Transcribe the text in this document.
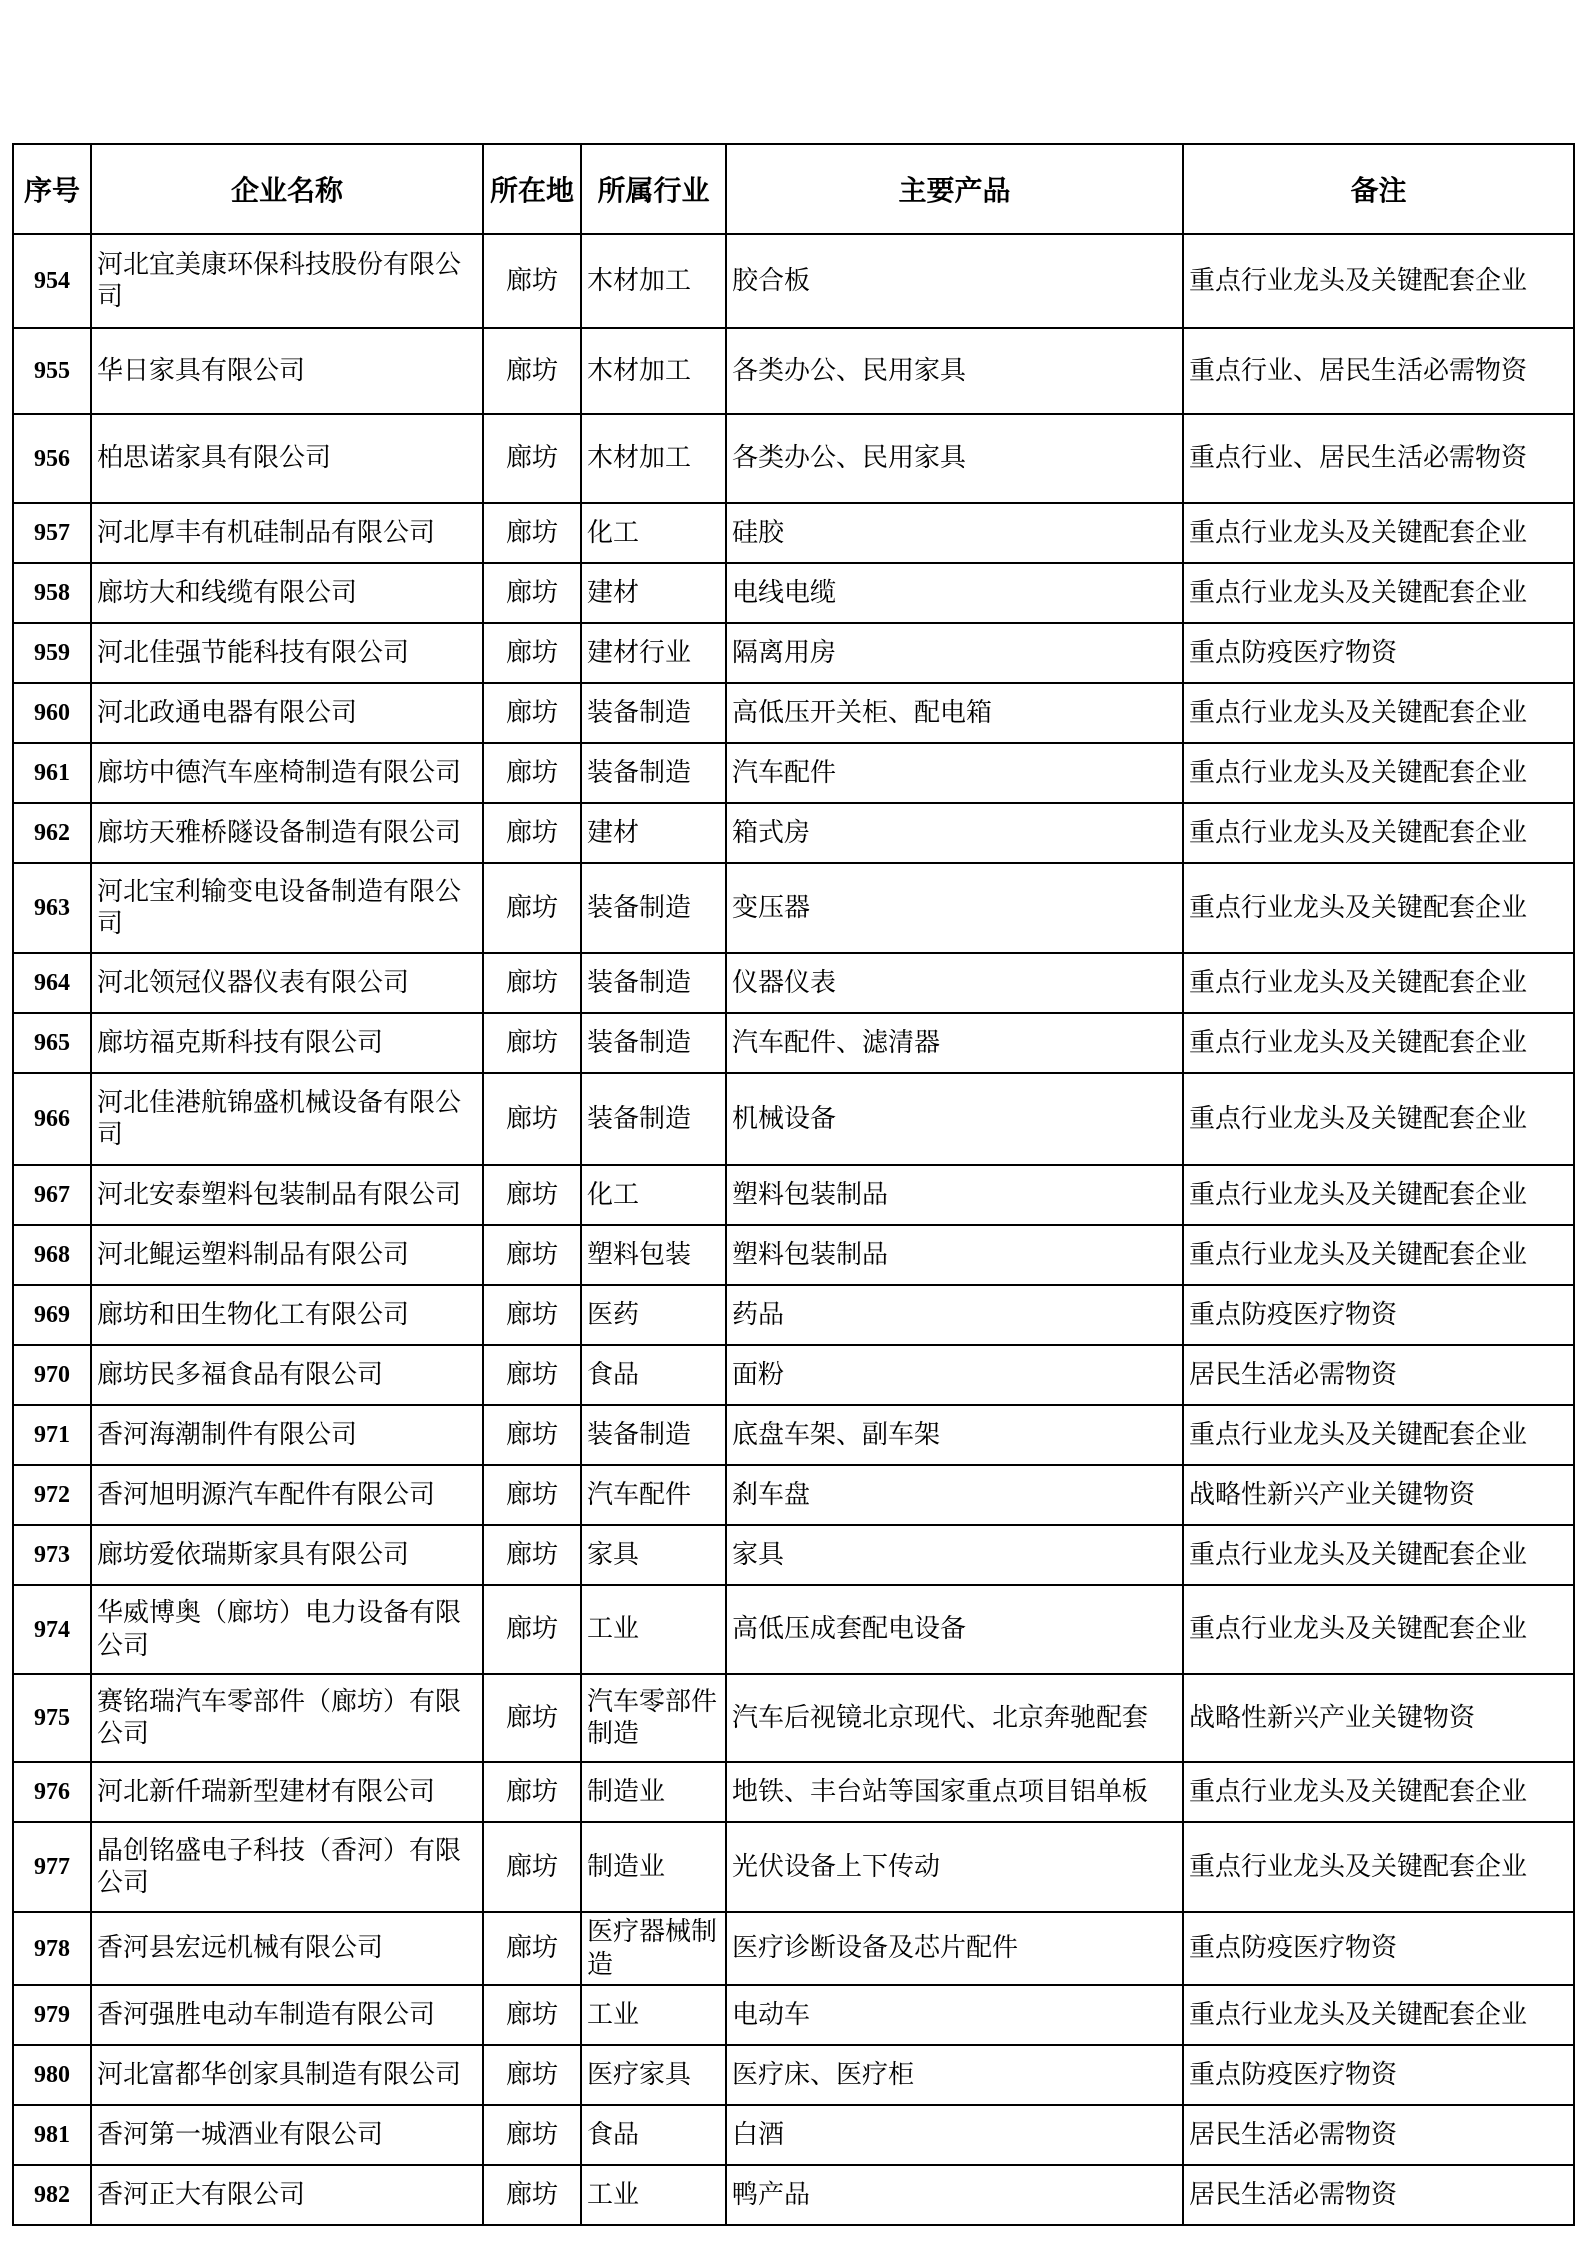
序号	企业名称	所在地	所属行业	主要产品	备注
954	河北宜美康环保科技股份有限公司	廊坊	木材加工	胶合板	重点行业龙头及关键配套企业
955	华日家具有限公司	廊坊	木材加工	各类办公、民用家具	重点行业、居民生活必需物资
956	柏思诺家具有限公司	廊坊	木材加工	各类办公、民用家具	重点行业、居民生活必需物资
957	河北厚丰有机硅制品有限公司	廊坊	化工	硅胶	重点行业龙头及关键配套企业
958	廊坊大和线缆有限公司	廊坊	建材	电线电缆	重点行业龙头及关键配套企业
959	河北佳强节能科技有限公司	廊坊	建材行业	隔离用房	重点防疫医疗物资
960	河北政通电器有限公司	廊坊	装备制造	高低压开关柜、配电箱	重点行业龙头及关键配套企业
961	廊坊中德汽车座椅制造有限公司	廊坊	装备制造	汽车配件	重点行业龙头及关键配套企业
962	廊坊天雅桥隧设备制造有限公司	廊坊	建材	箱式房	重点行业龙头及关键配套企业
963	河北宝利输变电设备制造有限公司	廊坊	装备制造	变压器	重点行业龙头及关键配套企业
964	河北领冠仪器仪表有限公司	廊坊	装备制造	仪器仪表	重点行业龙头及关键配套企业
965	廊坊福克斯科技有限公司	廊坊	装备制造	汽车配件、滤清器	重点行业龙头及关键配套企业
966	河北佳港航锦盛机械设备有限公司	廊坊	装备制造	机械设备	重点行业龙头及关键配套企业
967	河北安泰塑料包装制品有限公司	廊坊	化工	塑料包装制品	重点行业龙头及关键配套企业
968	河北鲲运塑料制品有限公司	廊坊	塑料包装	塑料包装制品	重点行业龙头及关键配套企业
969	廊坊和田生物化工有限公司	廊坊	医药	药品	重点防疫医疗物资
970	廊坊民多福食品有限公司	廊坊	食品	面粉	居民生活必需物资
971	香河海潮制件有限公司	廊坊	装备制造	底盘车架、副车架	重点行业龙头及关键配套企业
972	香河旭明源汽车配件有限公司	廊坊	汽车配件	刹车盘	战略性新兴产业关键物资
973	廊坊爱依瑞斯家具有限公司	廊坊	家具	家具	重点行业龙头及关键配套企业
974	华威博奥（廊坊）电力设备有限公司	廊坊	工业	高低压成套配电设备	重点行业龙头及关键配套企业
975	赛铭瑞汽车零部件（廊坊）有限公司	廊坊	汽车零部件制造	汽车后视镜北京现代、北京奔驰配套	战略性新兴产业关键物资
976	河北新仟瑞新型建材有限公司	廊坊	制造业	地铁、丰台站等国家重点项目铝单板	重点行业龙头及关键配套企业
977	晶创铭盛电子科技（香河）有限公司	廊坊	制造业	光伏设备上下传动	重点行业龙头及关键配套企业
978	香河县宏远机械有限公司	廊坊	医疗器械制造	医疗诊断设备及芯片配件	重点防疫医疗物资
979	香河强胜电动车制造有限公司	廊坊	工业	电动车	重点行业龙头及关键配套企业
980	河北富都华创家具制造有限公司	廊坊	医疗家具	医疗床、医疗柜	重点防疫医疗物资
981	香河第一城酒业有限公司	廊坊	食品	白酒	居民生活必需物资
982	香河正大有限公司	廊坊	工业	鸭产品	居民生活必需物资
